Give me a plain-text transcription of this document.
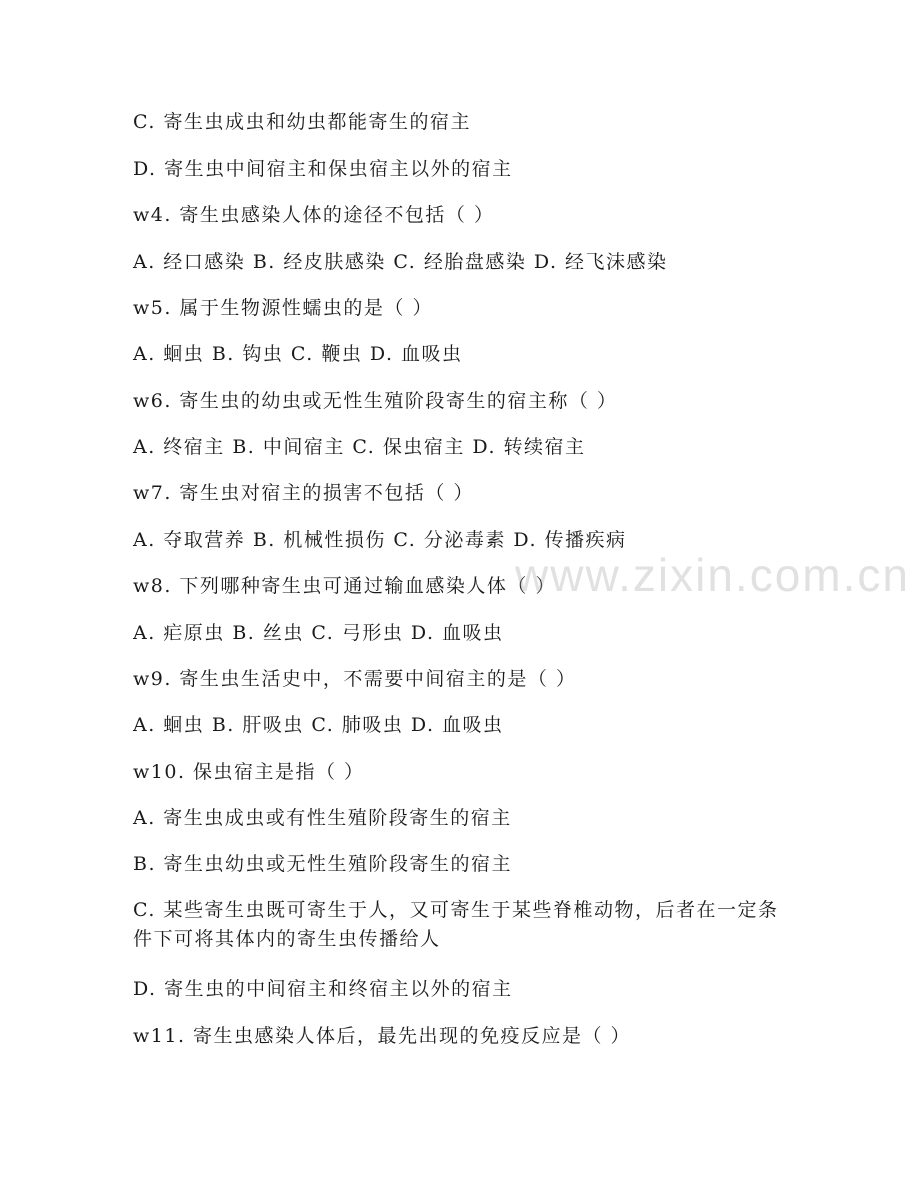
C. 寄生虫成虫和幼虫都能寄生的宿主
D. 寄生虫中间宿主和保虫宿主以外的宿主
w4. 寄生虫感染人体的途径不包括（ ）
A. 经口感染 B. 经皮肤感染 C. 经胎盘感染 D. 经飞沫感染
w5. 属于生物源性蠕虫的是（ ）
A. 蛔虫 B. 钩虫 C. 鞭虫 D. 血吸虫
w6. 寄生虫的幼虫或无性生殖阶段寄生的宿主称（ ）
A. 终宿主 B. 中间宿主 C. 保虫宿主 D. 转续宿主
w7. 寄生虫对宿主的损害不包括（ ）
A. 夺取营养 B. 机械性损伤 C. 分泌毒素 D. 传播疾病
w8. 下列哪种寄生虫可通过输血感染人体（ ）
A. 疟原虫 B. 丝虫 C. 弓形虫 D. 血吸虫
w9. 寄生虫生活史中，不需要中间宿主的是（ ）
A. 蛔虫 B. 肝吸虫 C. 肺吸虫 D. 血吸虫
w10. 保虫宿主是指（ ）
A. 寄生虫成虫或有性生殖阶段寄生的宿主
B. 寄生虫幼虫或无性生殖阶段寄生的宿主
C. 某些寄生虫既可寄生于人，又可寄生于某些脊椎动物，后者在一定条件下可将其体内的寄生虫传播给人
D. 寄生虫的中间宿主和终宿主以外的宿主
w11. 寄生虫感染人体后，最先出现的免疫反应是（ ）
www.zixin.com.cn
